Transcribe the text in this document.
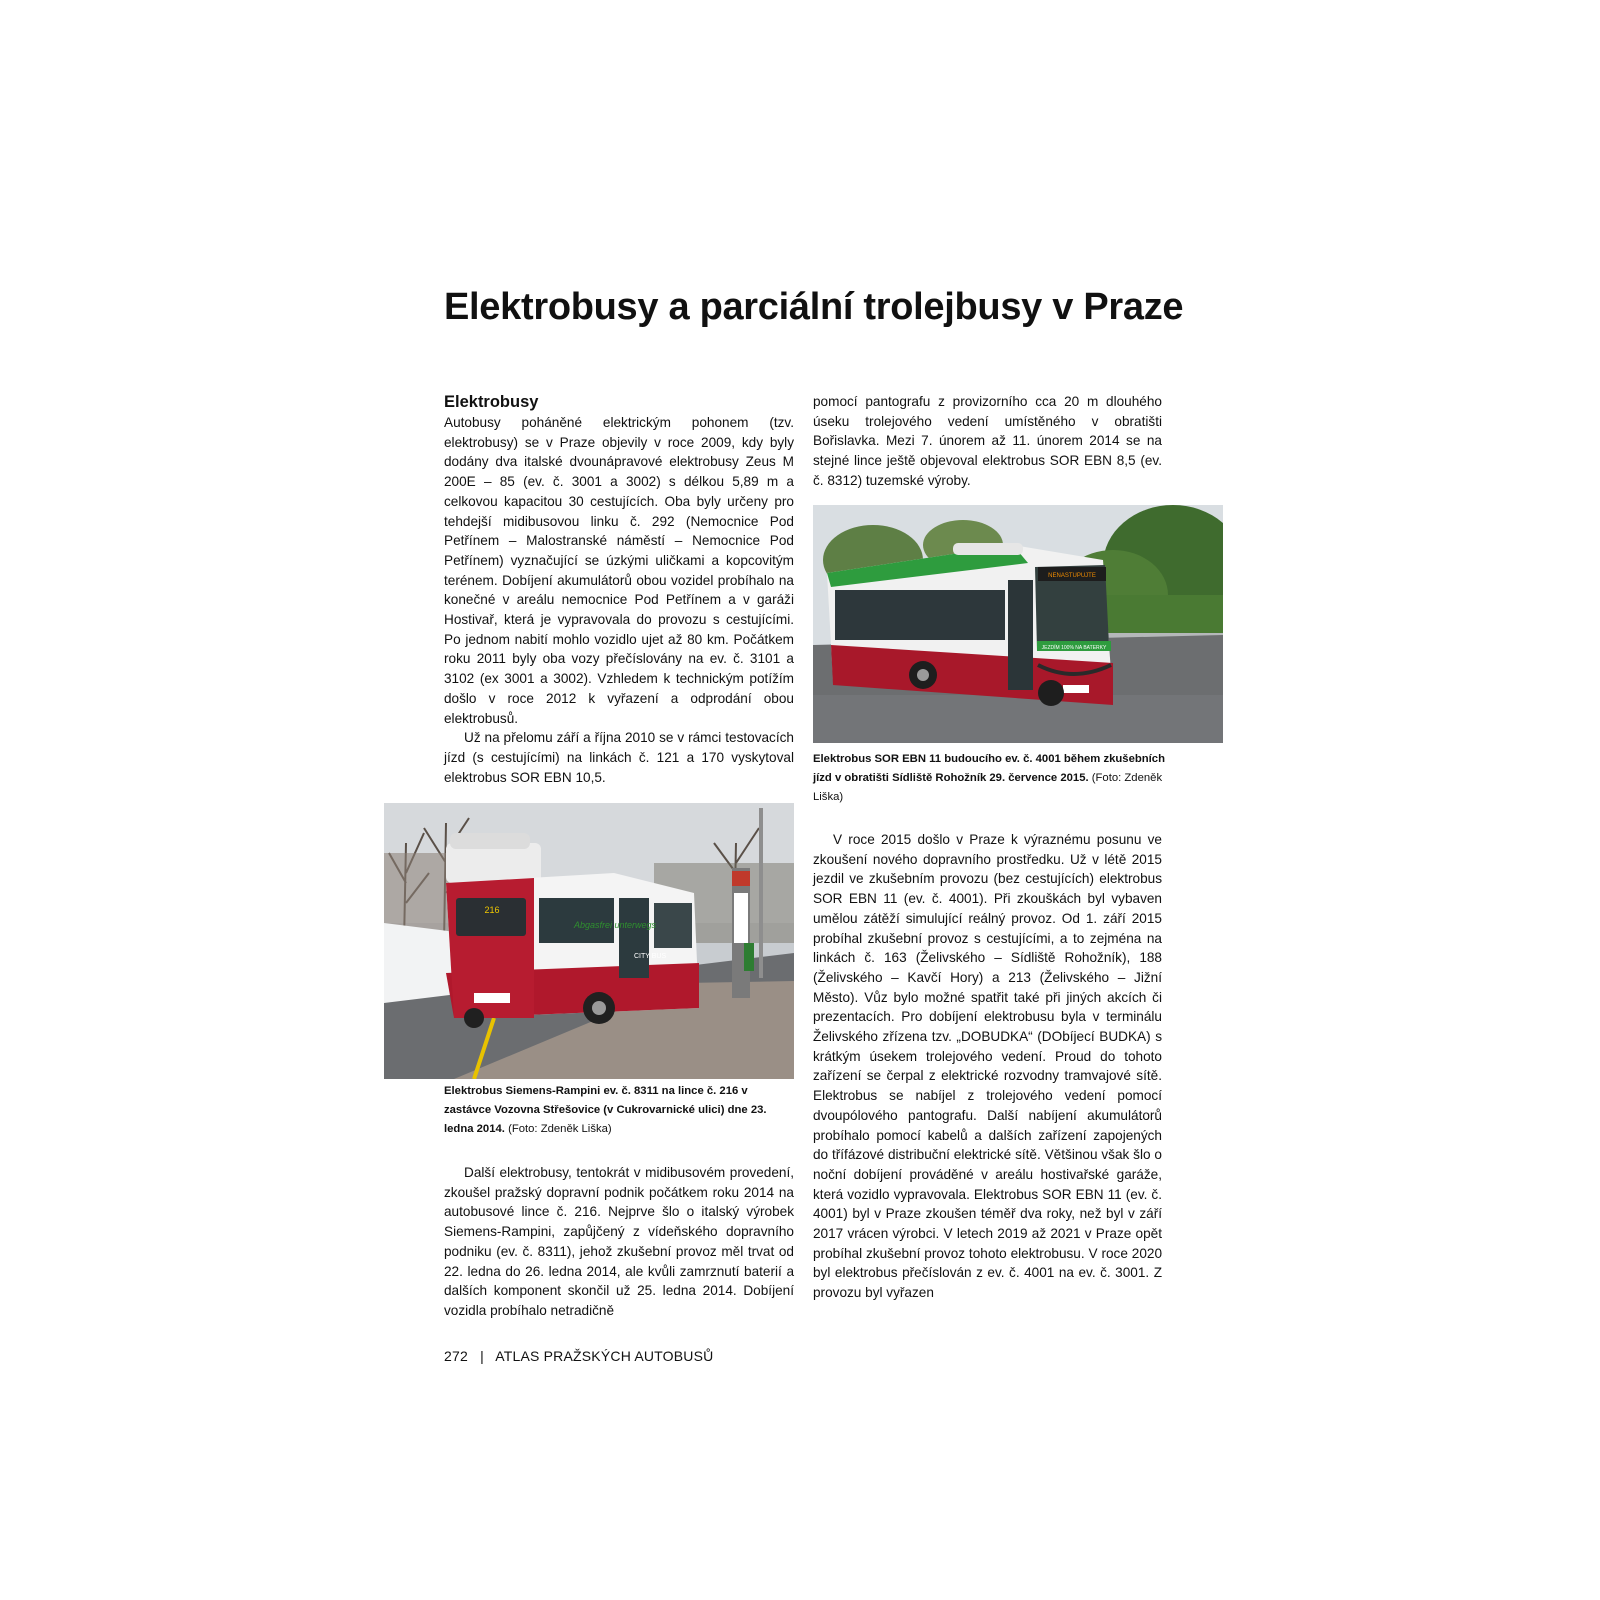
Elektrobusy a parciální trolejbusy v Praze
Elektrobusy

Autobusy poháněné elektrickým pohonem (tzv. elektrobusy) se v Praze objevily v roce 2009, kdy byly dodány dva italské dvounápravové elektrobusy Zeus M 200E – 85 (ev. č. 3001 a 3002) s délkou 5,89 m a celkovou kapacitou 30 cestujících. Oba byly určeny pro tehdejší midibusovou linku č. 292 (Nemocnice Pod Petřínem – Malostranské náměstí – Nemocnice Pod Petřínem) vyznačující se úzkými uličkami a kopcovitým terénem. Dobíjení akumulátorů obou vozidel probíhalo na konečné v areálu nemocnice Pod Petřínem a v garáži Hostivař, která je vypravovala do provozu s cestujícími. Po jednom nabití mohlo vozidlo ujet až 80 km. Počátkem roku 2011 byly oba vozy přečíslovány na ev. č. 3101 a 3102 (ex 3001 a 3002). Vzhledem k technickým potížím došlo v roce 2012 k vyřazení a odprodání obou elektrobusů.

Už na přelomu září a října 2010 se v rámci testovacích jízd (s cestujícími) na linkách č. 121 a 170 vyskytoval elektrobus SOR EBN 10,5.

216
Abgasfrei unterwegs
CITY BUS
Elektrobus Siemens-Rampini ev. č. 8311 na lince č. 216 v zastávce Vozovna Střešovice (v Cukrovarnické ulici) dne 23. ledna 2014. (Foto: Zdeněk Liška)

Další elektrobusy, tentokrát v midibusovém provedení, zkoušel pražský dopravní podnik počátkem roku 2014 na autobusové lince č. 216. Nejprve šlo o italský výrobek Siemens-Rampini, zapůjčený z vídeňského dopravního podniku (ev. č. 8311), jehož zkušební provoz měl trvat od 22. ledna do 26. ledna 2014, ale kvůli zamrznutí baterií a dalších komponent skončil už 25. ledna 2014. Dobíjení vozidla probíhalo netradičně

pomocí pantografu z provizorního cca 20 m dlouhého úseku trolejového vedení umístěného v obratišti Bořislavka. Mezi 7. únorem až 11. únorem 2014 se na stejné lince ještě objevoval elektrobus SOR EBN 8,5 (ev. č. 8312) tuzemské výroby.

NENASTUPUJTE
JEZDÍM 100% NA BATERKY
Elektrobus SOR EBN 11 budoucího ev. č. 4001 během zkušebních jízd v obratišti Sídliště Rohožník 29. července 2015. (Foto: Zdeněk Liška)

V roce 2015 došlo v Praze k výraznému posunu ve zkoušení nového dopravního prostředku. Už v létě 2015 jezdil ve zkušebním provozu (bez cestujících) elektrobus SOR EBN 11 (ev. č. 4001). Při zkouškách byl vybaven umělou zátěží simulující reálný provoz. Od 1. září 2015 probíhal zkušební provoz s cestujícími, a to zejména na linkách č. 163 (Želivského – Sídliště Rohožník), 188 (Želivského – Kavčí Hory) a 213 (Želivského – Jižní Město). Vůz bylo možné spatřit také při jiných akcích či prezentacích. Pro dobíjení elektrobusu byla v terminálu Želivského zřízena tzv. „DOBUDKA“ (DObíjecí BUDKA) s krátkým úsekem trolejového vedení. Proud do tohoto zařízení se čerpal z elektrické rozvodny tramvajové sítě. Elektrobus se nabíjel z trolejového vedení pomocí dvoupólového pantografu. Další nabíjení akumulátorů probíhalo pomocí kabelů a dalších zařízení zapojených do třífázové distribuční elektrické sítě. Většinou však šlo o noční dobíjení prováděné v areálu hostivařské garáže, která vozidlo vypravovala. Elektrobus SOR EBN 11 (ev. č. 4001) byl v Praze zkoušen téměř dva roky, než byl v září 2017 vrácen výrobci. V letech 2019 až 2021 v Praze opět probíhal zkušební provoz tohoto elektrobusu. V roce 2020 byl elektrobus přečíslován z ev. č. 4001 na ev. č. 3001. Z provozu byl vyřazen

272 | ATLAS PRAŽSKÝCH AUTOBUSŮ
